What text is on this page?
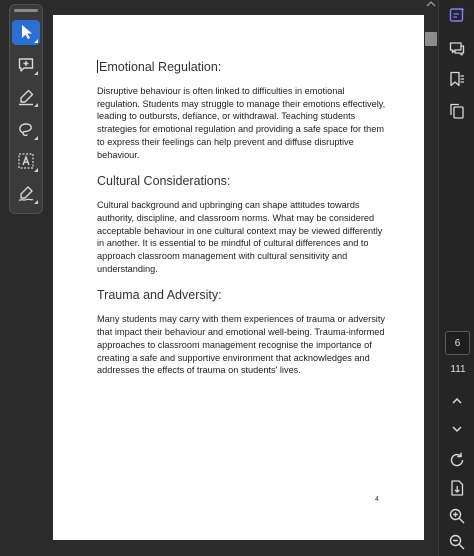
Emotional Regulation:

Disruptive behaviour is often linked to difficulties in emotional regulation. Students may struggle to manage their emotions effectively, leading to outbursts, defiance, or withdrawal. Teaching students strategies for emotional regulation and providing a safe space for them to express their feelings can help prevent and diffuse disruptive behaviour.

Cultural Considerations:

Cultural background and upbringing can shape attitudes towards authority, discipline, and classroom norms. What may be considered acceptable behaviour in one cultural context may be viewed differently in another. It is essential to be mindful of cultural differences and to approach classroom management with cultural sensitivity and understanding.

Trauma and Adversity:

Many students may carry with them experiences of trauma or adversity that impact their behaviour and emotional well-being. Trauma-informed approaches to classroom management recognise the importance of creating a safe and supportive environment that acknowledges and addresses the effects of trauma on students' lives.

4
6
111
